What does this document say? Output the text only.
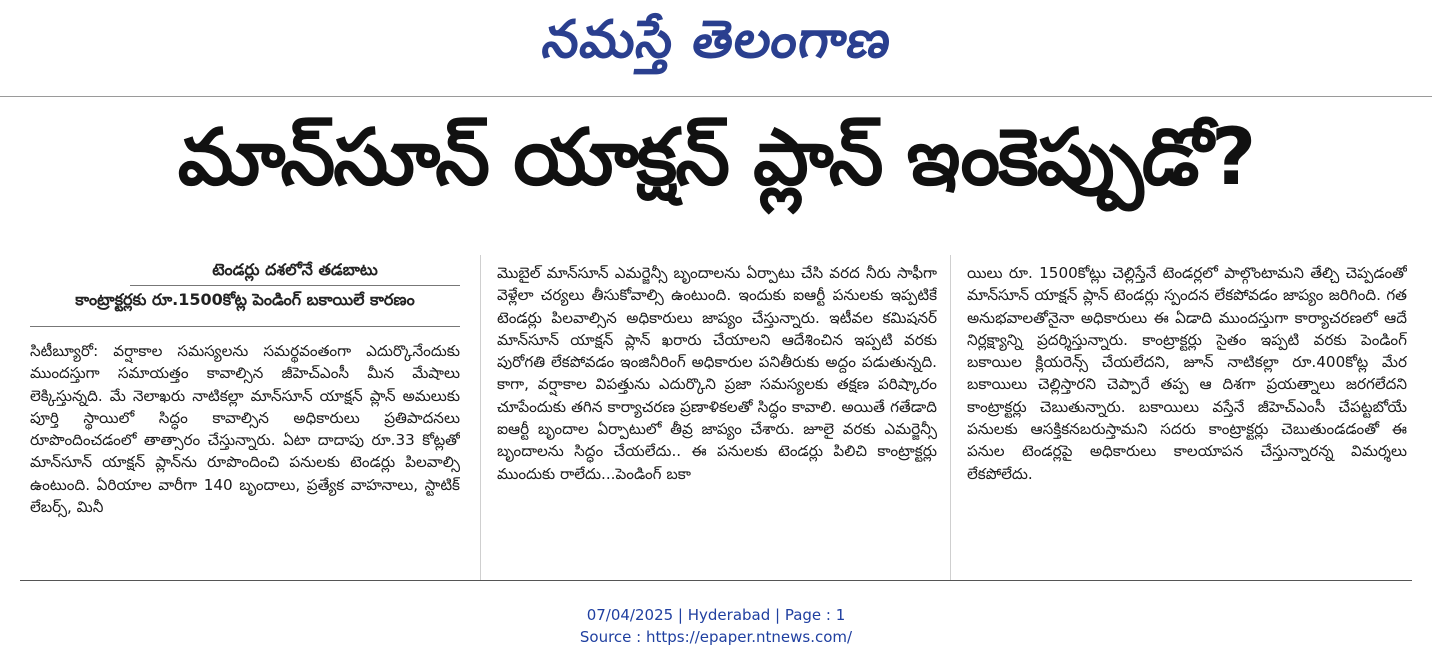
నమస్తే తెలంగాణ
మాన్‌సూన్ యాక్షన్ ప్లాన్ ఇంకెప్పుడో?
టెండర్లు దశలోనే తడబాటు
కాంట్రాక్టర్లకు రూ.1500కోట్ల పెండింగ్ బకాయిలే కారణం
సిటీబ్యూరో: వర్షాకాల సమస్యలను సమర్థవంతంగా ఎదుర్కొనేందుకు ముందస్తుగా సమాయత్తం కావాల్సిన జీహెచ్ఎంసీ మీన మేషాలు లెక్కిస్తున్నది. మే నెలాఖరు నాటికల్లా మాన్‌సూన్ యాక్షన్ ప్లాన్ అమలుకు పూర్తి స్థాయిలో సిద్ధం కావాల్సిన అధికారులు ప్రతిపాదనలు రూపొందించడంలో తాత్సారం చేస్తున్నారు. ఏటా దాదాపు రూ.33 కోట్లతో మాన్‌సూన్ యాక్షన్ ప్లాన్‌ను రూపొందించి పనులకు టెండర్లు పిలవాల్సి ఉంటుంది. ఏరియాల వారీగా 140 బృందాలు, ప్రత్యేక వాహనాలు, స్టాటిక్ లేబర్స్, మినీ
మొబైల్ మాన్‌సూన్ ఎమర్జెన్సీ బృందాలను ఏర్పాటు చేసి వరద నీరు సాఫీగా వెళ్లేలా చర్యలు తీసుకోవాల్సి ఉంటుంది. ఇందుకు ఐఆర్టీ పనులకు ఇప్పటికే టెండర్లు పిలవాల్సిన అధికారులు జాప్యం చేస్తున్నారు. ఇటీవల కమిషనర్ మాన్‌సూన్ యాక్షన్ ప్లాన్ ఖరారు చేయాలని ఆదేశించిన ఇప్పటి వరకు పురోగతి లేకపోవడం ఇంజినీరింగ్ అధికారుల పనితీరుకు అద్దం పడుతున్నది. కాగా, వర్షాకాల విపత్తును ఎదుర్కొని ప్రజా సమస్యలకు తక్షణ పరిష్కారం చూపేందుకు తగిన కార్యాచరణ ప్రణాళికలతో సిద్ధం కావాలి. అయితే గతేడాది ఐఆర్టీ బృందాల ఏర్పాటులో తీవ్ర జాప్యం చేశారు. జూలై వరకు ఎమర్జెన్సీ బృందాలను సిద్ధం చేయలేదు.. ఈ పనులకు టెండర్లు పిలిచి కాంట్రాక్టర్లు ముందుకు రాలేదు...పెండింగ్ బకా
యిలు రూ. 1500కోట్లు చెల్లిస్తేనే టెండర్లలో పాల్గొంటామని తేల్చి చెప్పడంతో మాన్‌సూన్ యాక్షన్ ప్లాన్ టెండర్లు స్పందన లేకపోవడం జాప్యం జరిగింది. గత అనుభవాలతోనైనా అధికారులు ఈ ఏడాది ముందస్తుగా కార్యాచరణలో ఆదే నిర్లక్ష్యాన్ని ప్రదర్శిస్తున్నారు. కాంట్రాక్టర్లు సైతం ఇప్పటి వరకు పెండింగ్ బకాయిల క్లియరెన్స్ చేయలేదని, జూన్ నాటికల్లా రూ.400కోట్ల మేర బకాయిలు చెల్లిస్తారని చెప్పారే తప్ప ఆ దిశగా ప్రయత్నాలు జరగలేదని కాంట్రాక్టర్లు చెబుతున్నారు. బకాయిలు వస్తేనే జీహెచ్ఎంసీ చేపట్టబోయే పనులకు ఆసక్తికనబరుస్తామని సదరు కాంట్రాక్టర్లు చెబుతుండడంతో ఈ పనుల టెండర్లపై అధికారులు కాలయాపన చేస్తున్నారన్న విమర్శలు లేకపోలేదు.
07/04/2025 | Hyderabad | Page : 1
Source : https://epaper.ntnews.com/
